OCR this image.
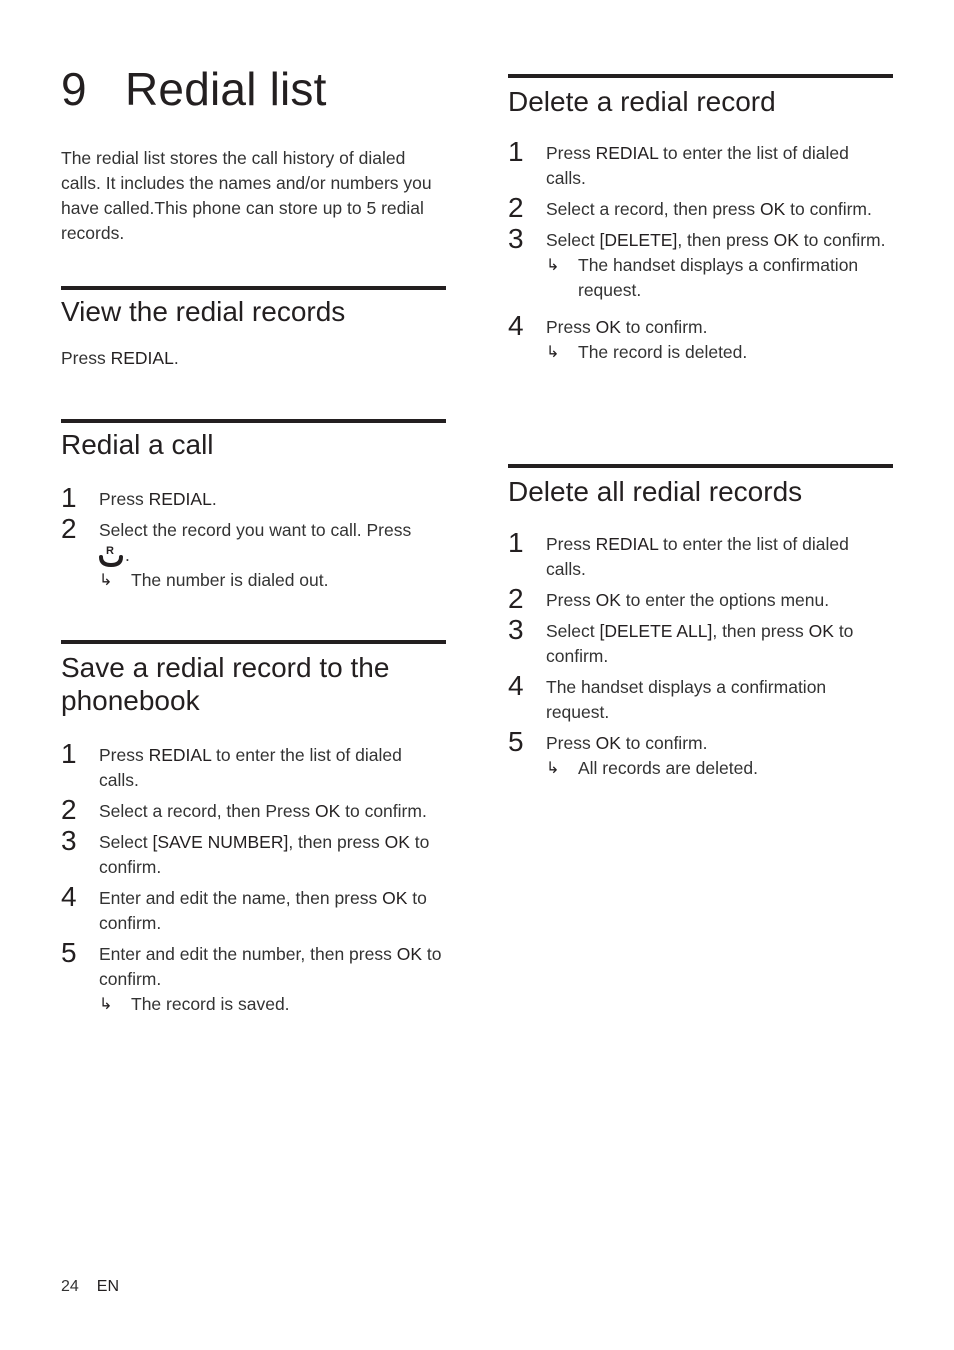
9 Redial list

The redial list stores the call history of dialed calls. It includes the names and/or numbers you have called.This phone can store up to 5 redial records.

View the redial records

Press REDIAL.

Redial a call
1 Press REDIAL.
2 Select the record you want to call. Press
R .
↳ The number is dialed out.
Save a redial record to the phonebook
1 Press REDIAL to enter the list of dialed calls.
2 Select a record, then Press OK to confirm.
3 Select [SAVE NUMBER], then press OK to confirm.
4 Enter and edit the name, then press OK to confirm.
5 Enter and edit the number, then press OK to confirm.
↳ The record is saved.
Delete a redial record
1 Press REDIAL to enter the list of dialed calls.
2 Select a record, then press OK to confirm.
3 Select [DELETE], then press OK to confirm.
↳ The handset displays a confirmation request.
4 Press OK to confirm.
↳ The record is deleted.
Delete all redial records
1 Press REDIAL to enter the list of dialed calls.
2 Press OK to enter the options menu.
3 Select [DELETE ALL], then press OK to confirm.
4 The handset displays a confirmation request.
5 Press OK to confirm.
↳ All records are deleted.
24 EN
